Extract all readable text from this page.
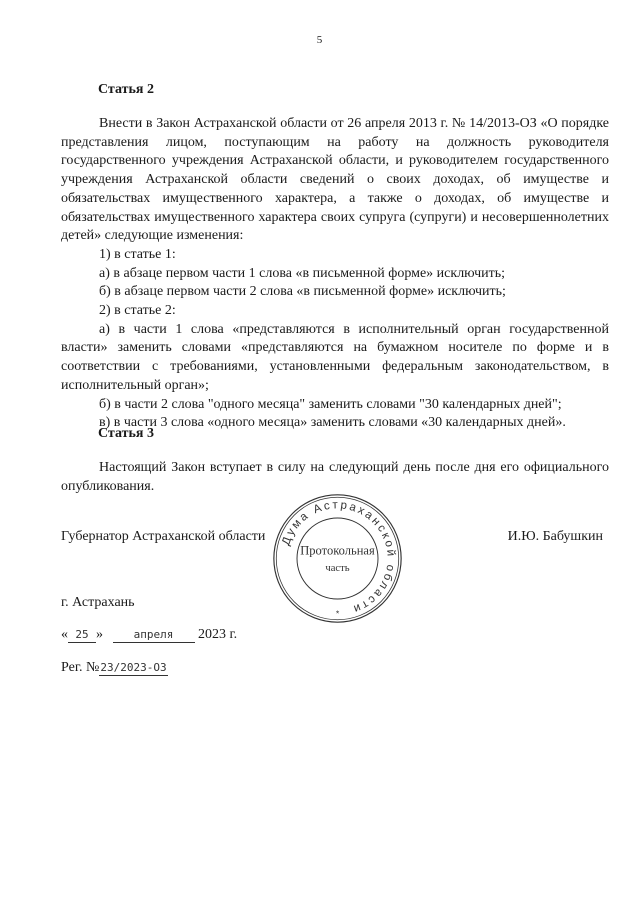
5
Статья 2

Внести в Закон Астраханской области от 26 апреля 2013 г. № 14/2013-ОЗ «О порядке представления лицом, поступающим на работу на должность руководителя государственного учреждения Астраханской области, и руководителем государственного учреждения Астраханской области сведений о своих доходах, об имуществе и обязательствах имущественного характера, а также о доходах, об имуществе и обязательствах имущественного характера своих супруга (супруги) и несовершеннолетних детей» следующие изменения:

1) в статье 1:

а) в абзаце первом части 1 слова «в письменной форме» исключить;

б) в абзаце первом части 2 слова «в письменной форме» исключить;

2) в статье 2:

а) в части 1 слова «представляются в исполнительный орган государственной власти» заменить словами «представляются на бумажном носителе по форме и в соответствии с требованиями, установленными федеральным законодательством, в исполнительный орган»;

б) в части 2 слова "одного месяца" заменить словами "30 календарных дней";

в) в части 3 слова «одного месяца» заменить словами «30 календарных дней».

Статья 3

Настоящий Закон вступает в силу на следующий день после дня его официального опубликования.

Губернатор Астраханской области	И.Ю. Бабушкин
Дума Астраханской области
Протокольная
часть
*
г. Астрахань
« 25 »	апреля 2023 г.
Рег. №23/2023-ОЗ
